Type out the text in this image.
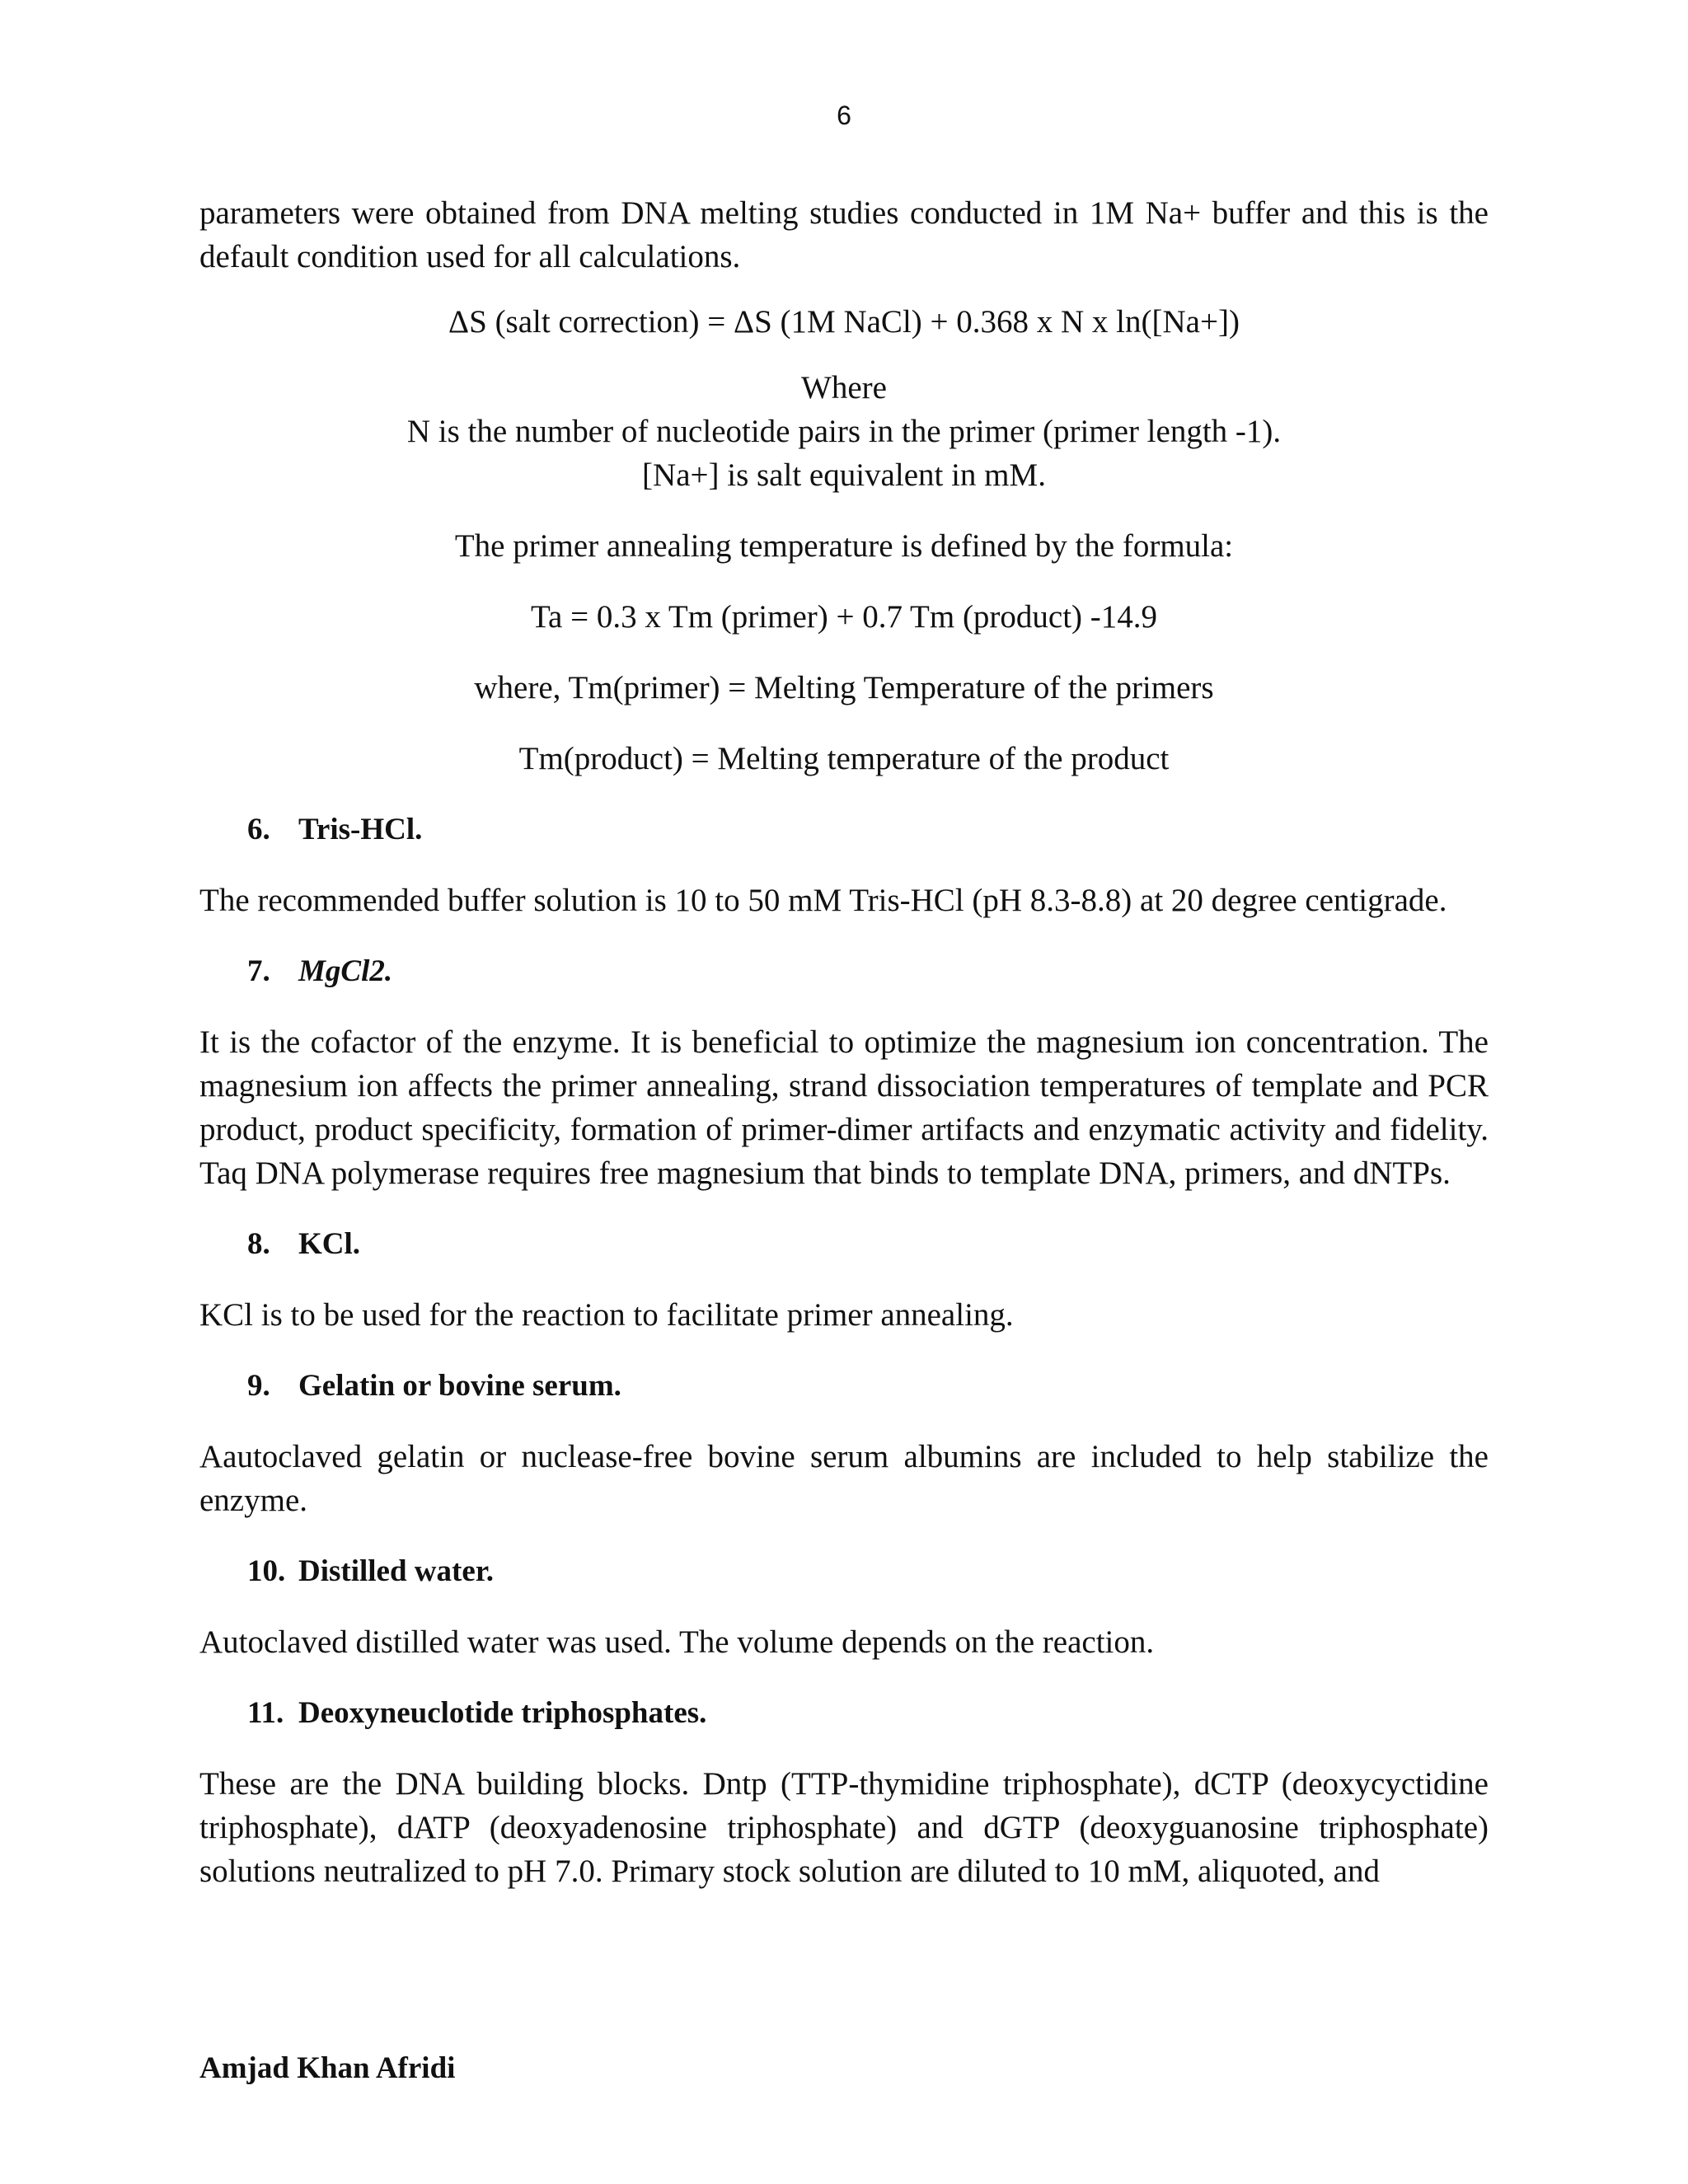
6

parameters were obtained from DNA melting studies conducted in 1M Na+ buffer and this is the default condition used for all calculations.

ΔS (salt correction) = ΔS (1M NaCl) + 0.368 x N x ln([Na+])

Where

N is the number of nucleotide pairs in the primer (primer length -1).

[Na+] is salt equivalent in mM.

The primer annealing temperature is defined by the formula:

Ta = 0.3 x Tm (primer) + 0.7 Tm (product) -14.9

where, Tm(primer) = Melting Temperature of the primers

Tm(product) = Melting temperature of the product

6. Tris-HCl.

The recommended buffer solution is 10 to 50 mM Tris-HCl (pH 8.3-8.8) at 20 degree centigrade.

7. MgCl2.

It is the cofactor of the enzyme. It is beneficial to optimize the magnesium ion concentration. The magnesium ion affects the primer annealing, strand dissociation temperatures of template and PCR product, product specificity, formation of primer-dimer artifacts and enzymatic activity and fidelity. Taq DNA polymerase requires free magnesium that binds to template DNA, primers, and dNTPs.

8. KCl.

KCl is to be used for the reaction to facilitate primer annealing.

9. Gelatin or bovine serum.

Aautoclaved gelatin or nuclease-free bovine serum albumins are included to help stabilize the enzyme.

10. Distilled water.

Autoclaved distilled water was used. The volume depends on the reaction.

11. Deoxyneuclotide triphosphates.

These are the DNA building blocks. Dntp (TTP-thymidine triphosphate), dCTP (deoxycyctidine triphosphate), dATP (deoxyadenosine triphosphate) and dGTP (deoxyguanosine triphosphate) solutions neutralized to pH 7.0. Primary stock solution are diluted to 10 mM, aliquoted, and

Amjad Khan Afridi
